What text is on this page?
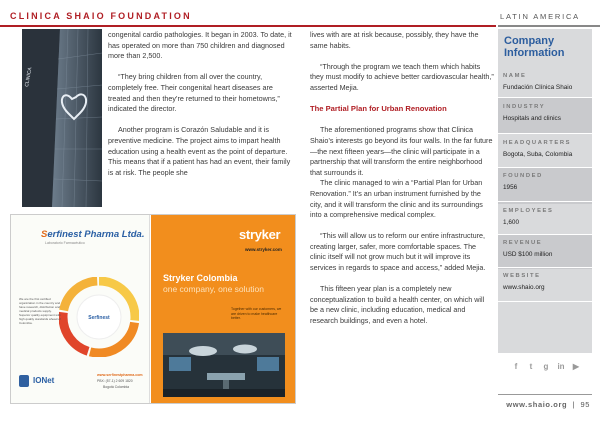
CLINICA SHAIO FOUNDATION	LATIN AMERICA
CLINICA

congenital cardio pathologies. It began in 2003. To date, it has operated on more than 750 children and diagnosed more than 2,500.

“They bring children from all over the country, completely free. Their congenital heart diseases are treated and then they’re returned to their hometowns,” indicated the director.

Another program is Corazón Saludable and it is preventive medicine. The project aims to impart health education using a health event as the point of departure. This means that if a patient has had an event, their family is at risk. The people she

lives with are at risk because, possibly, they have the same habits.

“Through the program we teach them which habits they must modify to achieve better cardiovascular health,” asserted Mejia.

The Partial Plan for Urban Renovation

The aforementioned programs show that Clinica Shaio’s interests go beyond its four walls. In the far future—the next fifteen years—the clinic will participate in a partnership that will transform the entire neighborhood that surrounds it.

The clinic managed to win a “Partial Plan for Urban Renovation.” It’s an urban instrument furnished by the city, and it will transform the clinic and its surroundings into a comprehensive medical complex.

“This will allow us to reform our entire infrastructure, creating larger, safer, more comfortable spaces. The clinic itself will not grow much but it will improve its services in regards to space and access,” added Mejia.

This fifteen year plan is a completely new conceptualization to build a health center, on which will be a new clinic, including education, medical and research buildings, and even a hotel.

Serfinest Pharma Ltda.
Laboratorio Farmacéutico
Serfinest
We are the first certified organization in the country and have research, distribution and medical products supply. Superior quality equipment with high quality standards ahead of Colombia.
IONet
www.serfinestpharma.com
PBX: (57-1) 2 609 1820
Bogotá Colombia
stryker
www.stryker.com
Stryker Colombia
one company, one solution
Together with our customers, we are driven to make healthcare better.
Company
Information
NAME
Fundación Clínica Shaio
INDUSTRY
Hospitals and clinics
HEADQUARTERS
Bogota, Suba, Colombia
FOUNDED
1956
EMPLOYEES
1,600
REVENUE
USD $100 million
WEBSITE
www.shaio.org
f t g in ▶
www.shaio.org  |  95
